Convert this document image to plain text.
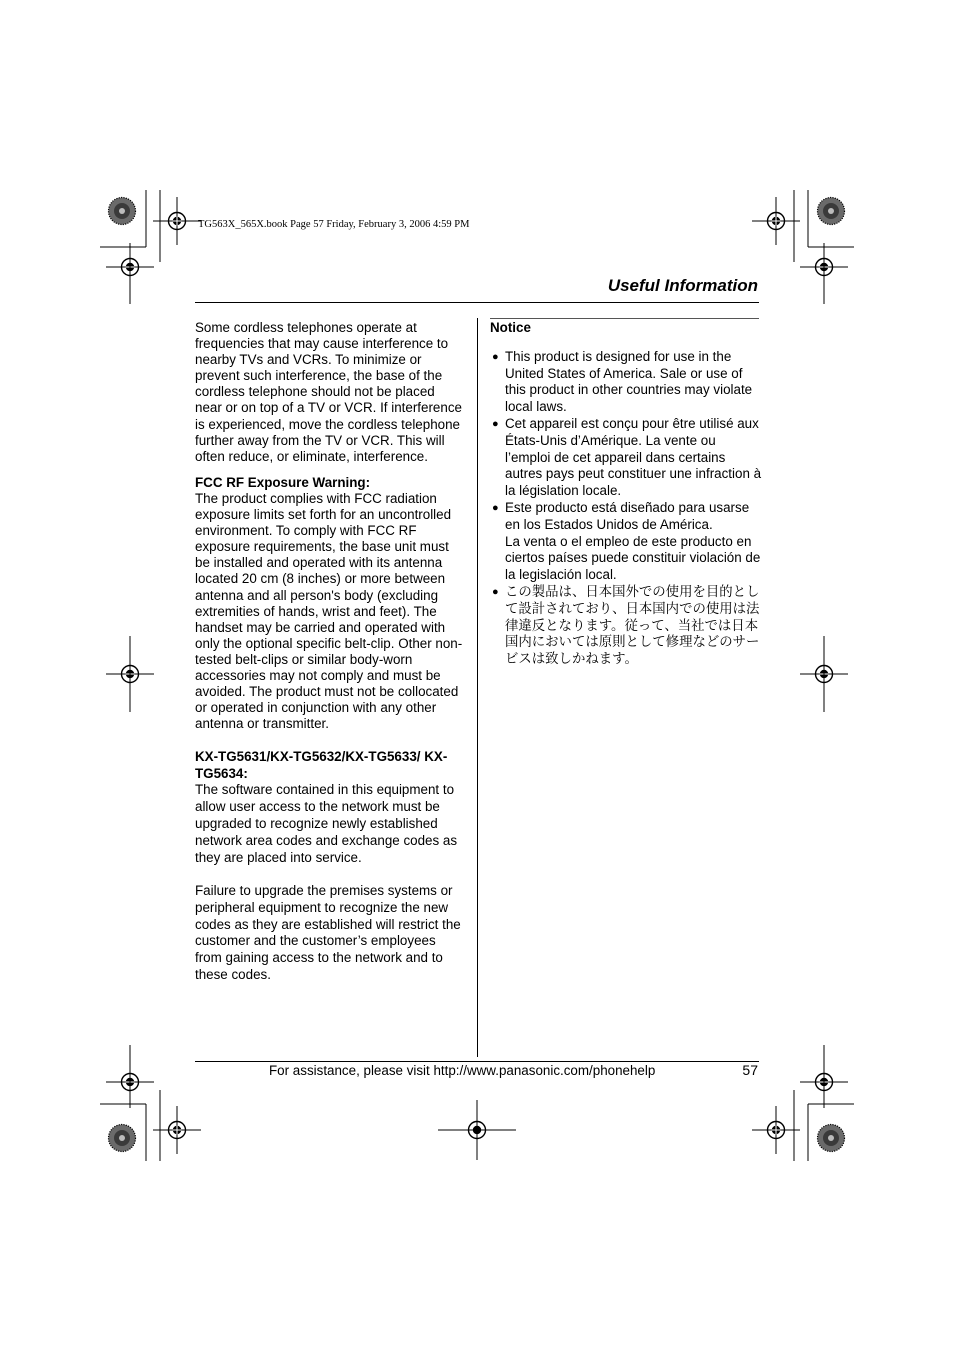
TG563X_565X.book Page 57 Friday, February 3, 2006 4:59 PM
Useful Information

Some cordless telephones operate at frequencies that may cause interference to nearby TVs and VCRs. To minimize or prevent such interference, the base of the cordless telephone should not be placed near or on top of a TV or VCR. If interference is experienced, move the cordless telephone further away from the TV or VCR. This will often reduce, or eliminate, interference.

FCC RF Exposure Warning:

The product complies with FCC radiation exposure limits set forth for an uncontrolled environment. To comply with FCC RF exposure requirements, the base unit must be installed and operated with its antenna located 20 cm (8 inches) or more between antenna and all person's body (excluding extremities of hands, wrist and feet). The handset may be carried and operated with only the optional specific belt-clip. Other non-tested belt-clips or similar body-worn accessories may not comply and must be avoided. The product must not be collocated or operated in conjunction with any other antenna or transmitter.

KX-TG5631/KX-TG5632/KX-TG5633/ KX-TG5634:

The software contained in this equipment to allow user access to the network must be upgraded to recognize newly established network area codes and exchange codes as they are placed into service.

Failure to upgrade the premises systems or peripheral equipment to recognize the new codes as they are established will restrict the customer and the customer’s employees from gaining access to the network and to these codes.

Notice

● This product is designed for use in the United States of America. Sale or use of this product in other countries may violate local laws.

● Cet appareil est conçu pour être utilisé aux États-Unis d’Amérique. La vente ou l’emploi de cet appareil dans certains autres pays peut constituer une infraction à la législation locale.

● Este producto está diseñado para usarse en los Estados Unidos de América.
La venta o el empleo de este producto en ciertos países puede constituir violación de la legislación local.

● この製品は、日本国外での使用を目的として設計されており、日本国内での使用は法律違反となります。従って、当社では日本国内においては原則として修理などのサービスは致しかねます。

For assistance, please visit http://www.panasonic.com/phonehelp	57
